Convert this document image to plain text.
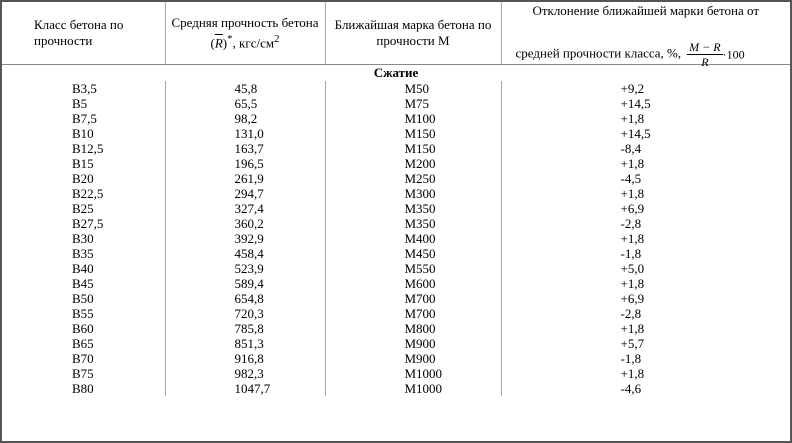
Класс бетона по прочности	Средняя прочность бетона $(\overline{R})^*$, кгс/$см^2$	Ближайшая марка бетона по прочности М	Отклонение ближайшей марки бетона от
средней прочности класса, %, $\frac{M - R}{R} \cdot 100$

Сжатие			
B3,5	45,8	M50	+9,2
B5	65,5	M75	+14,5
B7,5	98,2	M100	+1,8
B10	131,0	M150	+14,5
B12,5	163,7	M150	-8,4
B15	196,5	M200	+1,8
B20	261,9	M250	-4,5
B22,5	294,7	M300	+1,8
B25	327,4	M350	+6,9
B27,5	360,2	M350	-2,8
B30	392,9	M400	+1,8
B35	458,4	M450	-1,8
B40	523,9	M550	+5,0
B45	589,4	M600	+1,8
B50	654,8	M700	+6,9
B55	720,3	M700	-2,8
B60	785,8	M800	+1,8
B65	851,3	M900	+5,7
B70	916,8	M900	-1,8
B75	982,3	M1000	+1,8
B80	1047,7	M1000	-4,6
